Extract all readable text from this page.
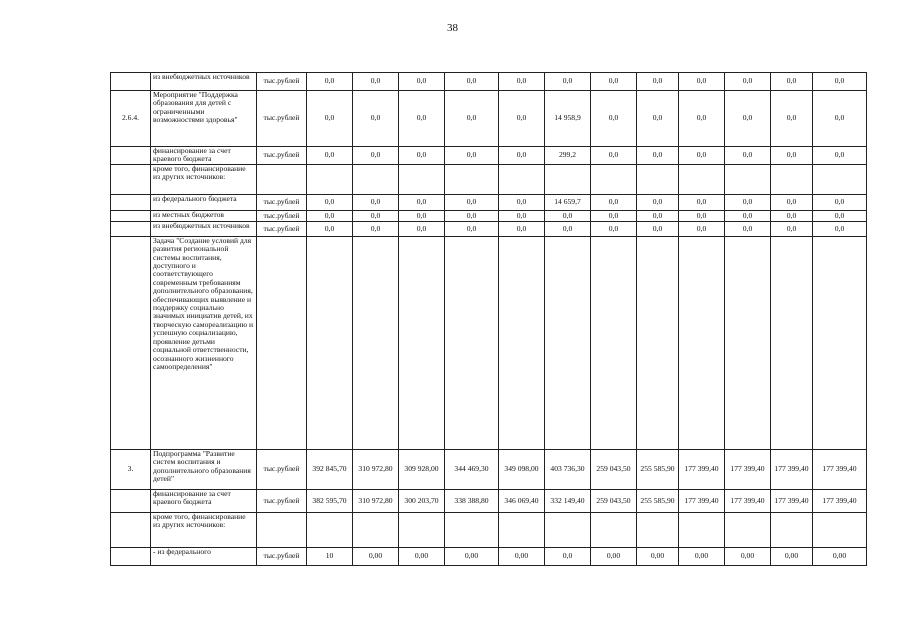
38
	из внебюджетных источников	тыс.рублей	0,0	0,0	0,0	0,0	0,0	0,0	0,0	0,0	0,0	0,0	0,0	0,0
2.6.4.	Мероприятие "Поддержка образования для детей с ограниченными возможностями здоровья"	тыс.рублей	0,0	0,0	0,0	0,0	0,0	14 958,9	0,0	0,0	0,0	0,0	0,0	0,0
	финансирование за счет краевого бюджета	тыс.рублей	0,0	0,0	0,0	0,0	0,0	299,2	0,0	0,0	0,0	0,0	0,0	0,0
	кроме того, финансирование из других источников:													
	из федерального бюджета	тыс.рублей	0,0	0,0	0,0	0,0	0,0	14 659,7	0,0	0,0	0,0	0,0	0,0	0,0
	из местных бюджетов	тыс.рублей	0,0	0,0	0,0	0,0	0,0	0,0	0,0	0,0	0,0	0,0	0,0	0,0
	из внебюджетных источников	тыс.рублей	0,0	0,0	0,0	0,0	0,0	0,0	0,0	0,0	0,0	0,0	0,0	0,0
	Задача "Создание условий для развития региональной системы воспитания, доступного и соответствующего современным требованиям дополнительного образования, обеспечивающих выявление и поддержку социально значимых инициатив детей, их творческую самореализацию и успешную социализацию, проявление детьми социальной ответственности, осознанного жизненного самоопределения"													
3.	Подпрограмма "Развитие систем воспитания и дополнительного образования детей"	тыс.рублей	392 845,70	310 972,80	309 928,00	344 469,30	349 098,00	403 736,30	259 043,50	255 585,90	177 399,40	177 399,40	177 399,40	177 399,40
	финансирование за счет краевого бюджета	тыс.рублей	382 595,70	310 972,80	300 203,70	338 388,80	346 069,40	332 149,40	259 043,50	255 585,90	177 399,40	177 399,40	177 399,40	177 399,40
	кроме того, финансирование из других источников:													
	- из федерального	тыс.рублей	10	0,00	0,00	0,00	0,00	0,0	0,00	0,00	0,00	0,00	0,00	0,00
